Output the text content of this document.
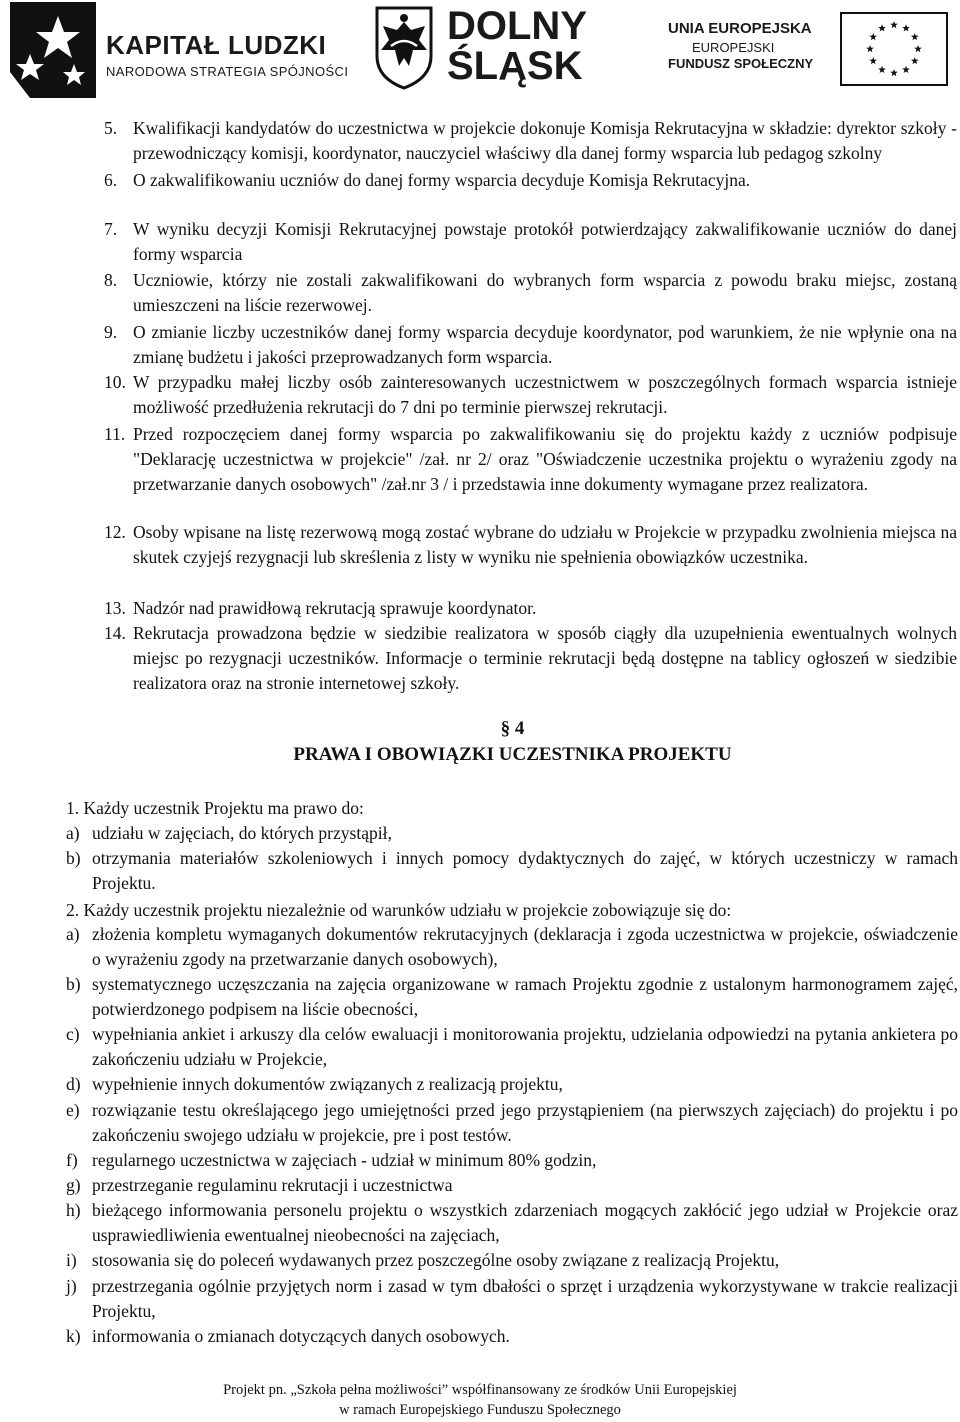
KAPITAŁ LUDZKI
NARODOWA STRATEGIA SPÓJNOŚCI
DOLNY
ŚLĄSK
UNIA EUROPEJSKA
EUROPEJSKI
FUNDUSZ SPOŁECZNY
5. Kwalifikacji kandydatów do uczestnictwa w projekcie dokonuje Komisja Rekrutacyjna w składzie: dyrektor szkoły - przewodniczący komisji, koordynator, nauczyciel właściwy dla danej formy wsparcia lub pedagog szkolny
6. O zakwalifikowaniu uczniów do danej formy wsparcia decyduje Komisja Rekrutacyjna.
7. W wyniku decyzji Komisji Rekrutacyjnej powstaje protokół potwierdzający zakwalifikowanie uczniów do danej formy wsparcia
8. Uczniowie, którzy nie zostali zakwalifikowani do wybranych form wsparcia z powodu braku miejsc, zostaną umieszczeni na liście rezerwowej.
9. O zmianie liczby uczestników danej formy wsparcia decyduje koordynator, pod warunkiem, że nie wpłynie ona na zmianę budżetu i jakości przeprowadzanych form wsparcia.
10. W przypadku małej liczby osób zainteresowanych uczestnictwem w poszczególnych formach wsparcia istnieje możliwość przedłużenia rekrutacji do 7 dni po terminie pierwszej rekrutacji.
11. Przed rozpoczęciem danej formy wsparcia po zakwalifikowaniu się do projektu każdy z uczniów podpisuje "Deklarację uczestnictwa w projekcie" /zał. nr 2/ oraz "Oświadczenie uczestnika projektu o wyrażeniu zgody na przetwarzanie danych osobowych" /zał.nr 3 / i przedstawia inne dokumenty wymagane przez realizatora.
12. Osoby wpisane na listę rezerwową mogą zostać wybrane do udziału w Projekcie w przypadku zwolnienia miejsca na skutek czyjejś rezygnacji lub skreślenia z listy w wyniku nie spełnienia obowiązków uczestnika.
13. Nadzór nad prawidłową rekrutacją sprawuje koordynator.
14. Rekrutacja prowadzona będzie w siedzibie realizatora w sposób ciągły dla uzupełnienia ewentualnych wolnych miejsc po rezygnacji uczestników. Informacje o terminie rekrutacji będą dostępne na tablicy ogłoszeń w siedzibie realizatora oraz na stronie internetowej szkoły.
§ 4
PRAWA I OBOWIĄZKI UCZESTNIKA PROJEKTU
1. Każdy uczestnik Projektu ma prawo do:
a) udziału w zajęciach, do których przystąpił,
b) otrzymania materiałów szkoleniowych i innych pomocy dydaktycznych do zajęć, w których uczestniczy w ramach Projektu.
2. Każdy uczestnik projektu niezależnie od warunków udziału w projekcie zobowiązuje się do:
a) złożenia kompletu wymaganych dokumentów rekrutacyjnych (deklaracja i zgoda uczestnictwa w projekcie, oświadczenie o wyrażeniu zgody na przetwarzanie danych osobowych),
b) systematycznego uczęszczania na zajęcia organizowane w ramach Projektu zgodnie z ustalonym harmonogramem zajęć, potwierdzonego podpisem na liście obecności,
c) wypełniania ankiet i arkuszy dla celów ewaluacji i monitorowania projektu, udzielania odpowiedzi na pytania ankietera po zakończeniu udziału w Projekcie,
d) wypełnienie innych dokumentów związanych z realizacją projektu,
e) rozwiązanie testu określającego jego umiejętności przed jego przystąpieniem (na pierwszych zajęciach) do projektu i po zakończeniu swojego udziału w projekcie, pre i post testów.
f) regularnego uczestnictwa w zajęciach - udział w minimum 80% godzin,
g) przestrzeganie regulaminu rekrutacji i uczestnictwa
h) bieżącego informowania personelu projektu o wszystkich zdarzeniach mogących zakłócić jego udział w Projekcie oraz usprawiedliwienia ewentualnej nieobecności na zajęciach,
i) stosowania się do poleceń wydawanych przez poszczególne osoby związane z realizacją Projektu,
j) przestrzegania ogólnie przyjętych norm i zasad w tym dbałości o sprzęt i urządzenia wykorzystywane w trakcie realizacji Projektu,
k) informowania o zmianach dotyczących danych osobowych.
Projekt pn. „Szkoła pełna możliwości” współfinansowany ze środków Unii Europejskiej
w ramach Europejskiego Funduszu Społecznego
